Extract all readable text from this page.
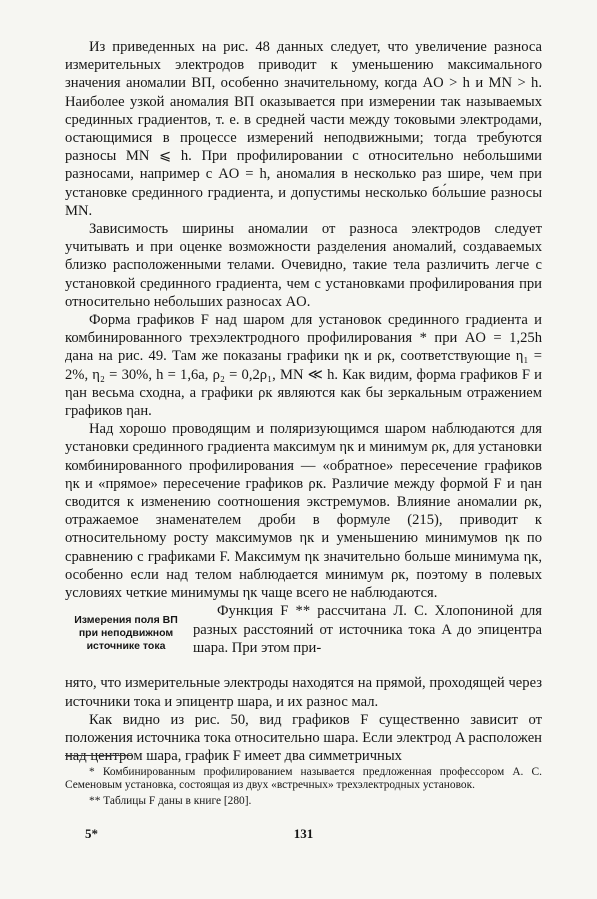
Из приведенных на рис. 48 данных следует, что увеличение разноса измерительных электродов приводит к уменьшению максимального значения аномалии ВП, особенно значительному, когда AO > h и MN > h. Наиболее узкой аномалия ВП оказывается при измерении так называемых срединных градиентов, т. е. в средней части между токовыми электродами, остающимися в процессе измерений неподвижными; тогда требуются разносы MN ⩽ h. При профилировании с относительно небольшими разносами, например с AO = h, аномалия в несколько раз шире, чем при установке срединного градиента, и допустимы несколько бо́льшие разносы MN.

Зависимость ширины аномалии от разноса электродов следует учитывать и при оценке возможности разделения аномалий, создаваемых близко расположенными телами. Очевидно, такие тела различить легче с установкой срединного градиента, чем с установками профилирования при относительно небольших разносах AO.

Форма графиков F над шаром для установок срединного градиента и комбинированного трехэлектродного профилирования * при AO = 1,25h дана на рис. 49. Там же показаны графики ηк и ρк, соответствующие η₁ = 2%, η₂ = 30%, h = 1,6a, ρ₂ = 0,2ρ₁, MN ≪ h. Как видим, форма графиков F и ηан весьма сходна, а графики ρк являются как бы зеркальным отражением графиков ηан.

Над хорошо проводящим и поляризующимся шаром наблюдаются для установки срединного градиента максимум ηк и минимум ρк, для установки комбинированного профилирования — «обратное» пересечение графиков ηк и «прямое» пересечение графиков ρк. Различие между формой F и ηан сводится к изменению соотношения экстремумов. Влияние аномалии ρк, отражаемое знаменателем дроби в формуле (215), приводит к относительному росту максимумов ηк и уменьшению минимумов ηк по сравнению с графиками F. Максимум ηк значительно больше минимума ηк, особенно если над телом наблюдается минимум ρк, поэтому в полевых условиях четкие минимумы ηк чаще всего не наблюдаются.

Измерения поля ВП при неподвижном источнике тока

Функция F ** рассчитана Л. С. Хлопониной для разных расстояний от источника тока A до эпицентра шара. При этом при-

нято, что измерительные электроды находятся на прямой, проходящей через источники тока и эпицентр шара, и их разнос мал.

Как видно из рис. 50, вид графиков F существенно зависит от положения источника тока относительно шара. Если электрод A расположен над центром шара, график F имеет два симметричных

* Комбинированным профилированием называется предложенная профессором А. С. Семеновым установка, состоящая из двух «встречных» трехэлектродных установок.

** Таблицы F даны в книге [280].

5*	131
